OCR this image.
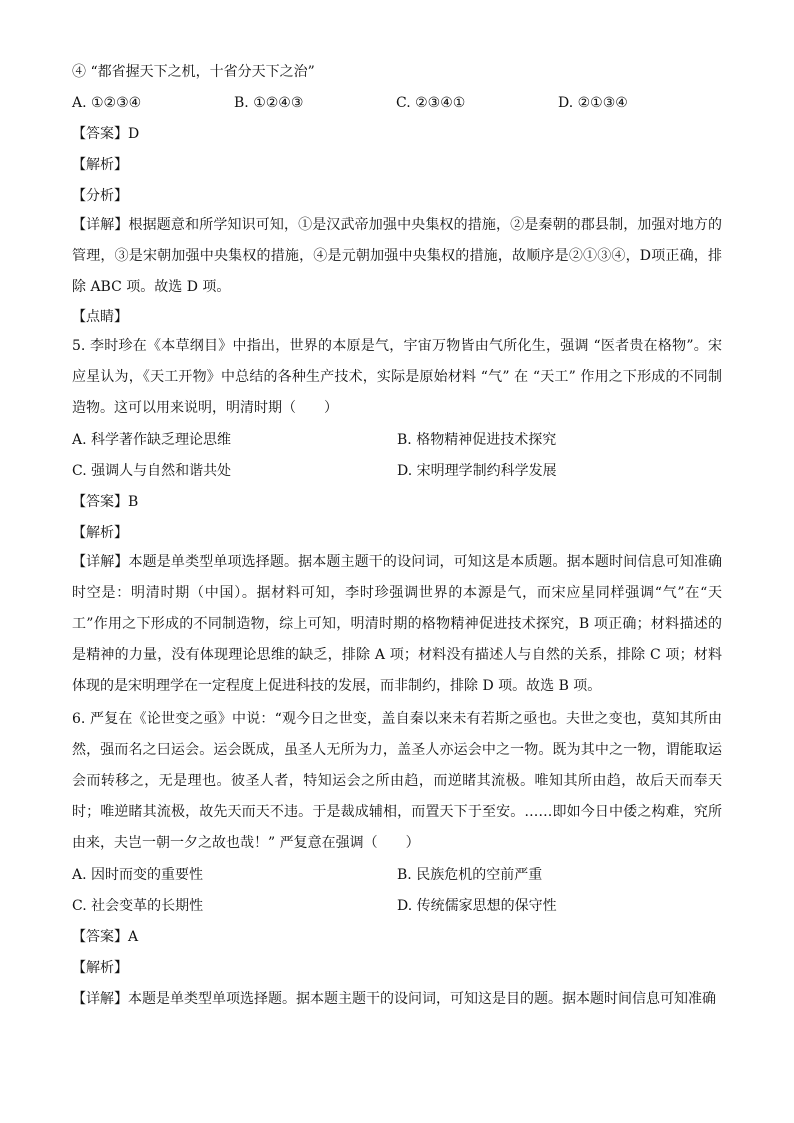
④ “都省握天下之机，十省分天下之治”
A. ①②③④	B. ①②④③	C. ②③④①	D. ②①③④
【答案】D
【解析】
【分析】
【详解】根据题意和所学知识可知，①是汉武帝加强中央集权的措施，②是秦朝的郡县制，加强对地方的管理，③是宋朝加强中央集权的措施，④是元朝加强中央集权的措施，故顺序是②①③④，D项正确，排除 ABC 项。故选 D 项。
【点睛】
5. 李时珍在《本草纲目》中指出，世界的本原是气，宇宙万物皆由气所化生，强调 “医者贵在格物”。宋应星认为，《天工开物》中总结的各种生产技术，实际是原始材料 “气” 在 “天工” 作用之下形成的不同制造物。这可以用来说明，明清时期（　　）
A. 科学著作缺乏理论思维	B. 格物精神促进技术探究
C. 强调人与自然和谐共处	D. 宋明理学制约科学发展
【答案】B
【解析】
【详解】本题是单类型单项选择题。据本题主题干的设问词，可知这是本质题。据本题时间信息可知准确时空是：明清时期（中国）。据材料可知，李时珍强调世界的本源是气，而宋应星同样强调“气”在“天工”作用之下形成的不同制造物，综上可知，明清时期的格物精神促进技术探究，B 项正确；材料描述的是精神的力量，没有体现理论思维的缺乏，排除 A 项；材料没有描述人与自然的关系，排除 C 项；材料体现的是宋明理学在一定程度上促进科技的发展，而非制约，排除 D 项。故选 B 项。
6. 严复在《论世变之亟》中说：“观今日之世变，盖自秦以来未有若斯之亟也。夫世之变也，莫知其所由然，强而名之曰运会。运会既成，虽圣人无所为力，盖圣人亦运会中之一物。既为其中之一物，谓能取运会而转移之，无是理也。彼圣人者，特知运会之所由趋，而逆睹其流极。唯知其所由趋，故后天而奉天时；唯逆睹其流极，故先天而天不违。于是裁成辅相，而置天下于至安。……即如今日中倭之构难，究所由来，夫岂一朝一夕之故也哉！” 严复意在强调（　　）
A. 因时而变的重要性	B. 民族危机的空前严重
C. 社会变革的长期性	D. 传统儒家思想的保守性
【答案】A
【解析】
【详解】本题是单类型单项选择题。据本题主题干的设问词，可知这是目的题。据本题时间信息可知准确
